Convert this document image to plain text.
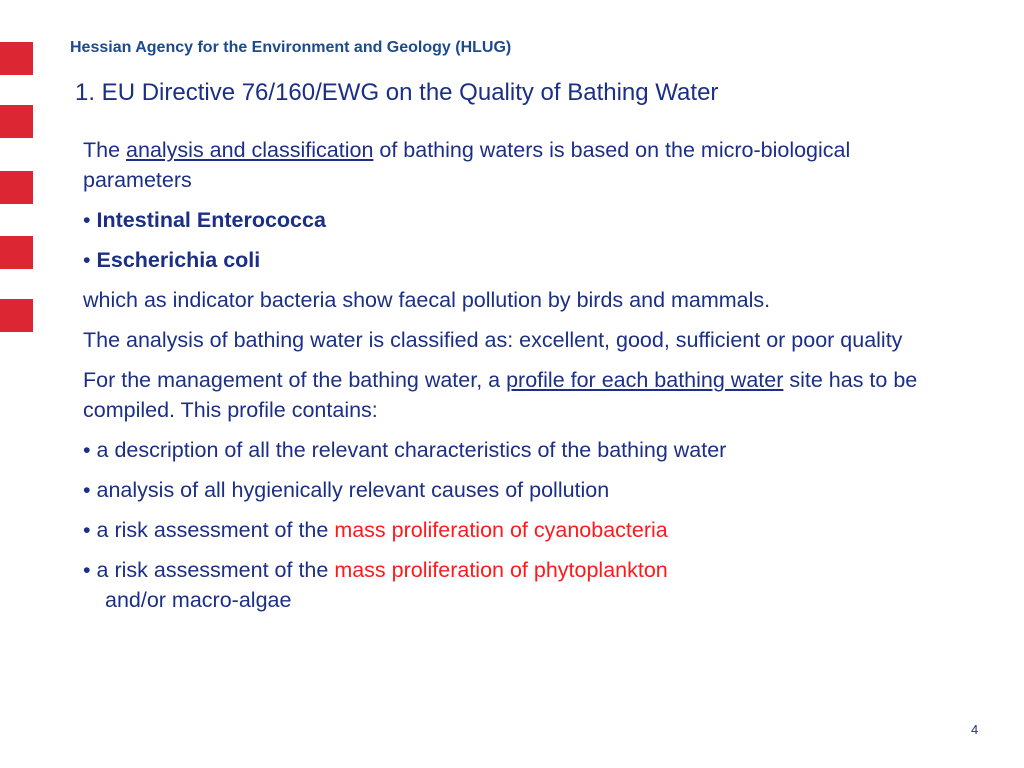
Hessian Agency for the Environment and Geology (HLUG)
1. EU Directive 76/160/EWG on the Quality of Bathing Water

The analysis and classification of bathing waters is based on the micro-biological parameters

• Intestinal Enterococca

• Escherichia coli

which as indicator bacteria show faecal pollution by birds and mammals.

The analysis of bathing water is classified as: excellent, good, sufficient or poor quality

For the management of the bathing water, a profile for each bathing water site has to be compiled. This profile contains:

• a description of all the relevant characteristics of the bathing water

• analysis of all hygienically relevant causes of pollution

• a risk assessment of the mass proliferation of cyanobacteria

• a risk assessment of the mass proliferation of phytoplankton

and/or macro-algae

4
